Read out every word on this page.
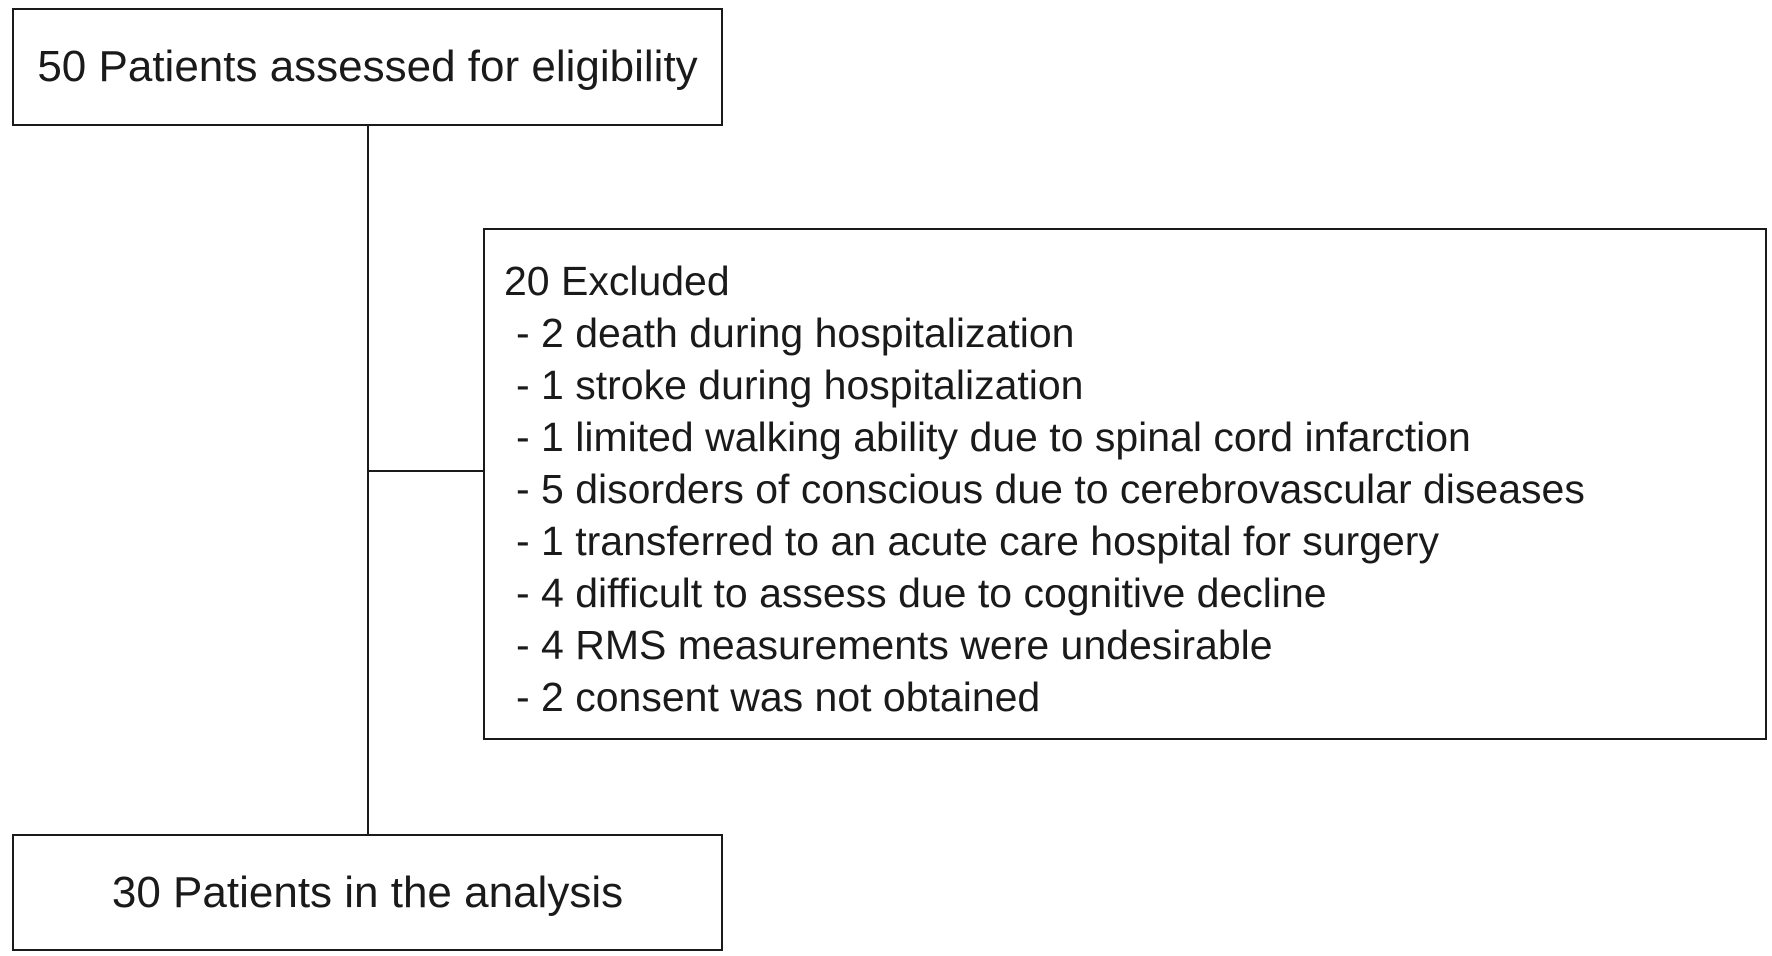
50 Patients assessed for eligibility
20 Excluded
- 2 death during hospitalization
- 1 stroke during hospitalization
- 1 limited walking ability due to spinal cord infarction
- 5 disorders of conscious due to cerebrovascular diseases
- 1 transferred to an acute care hospital for surgery
- 4 difficult to assess due to cognitive decline
- 4 RMS measurements were undesirable
- 2 consent was not obtained
30 Patients in the analysis
